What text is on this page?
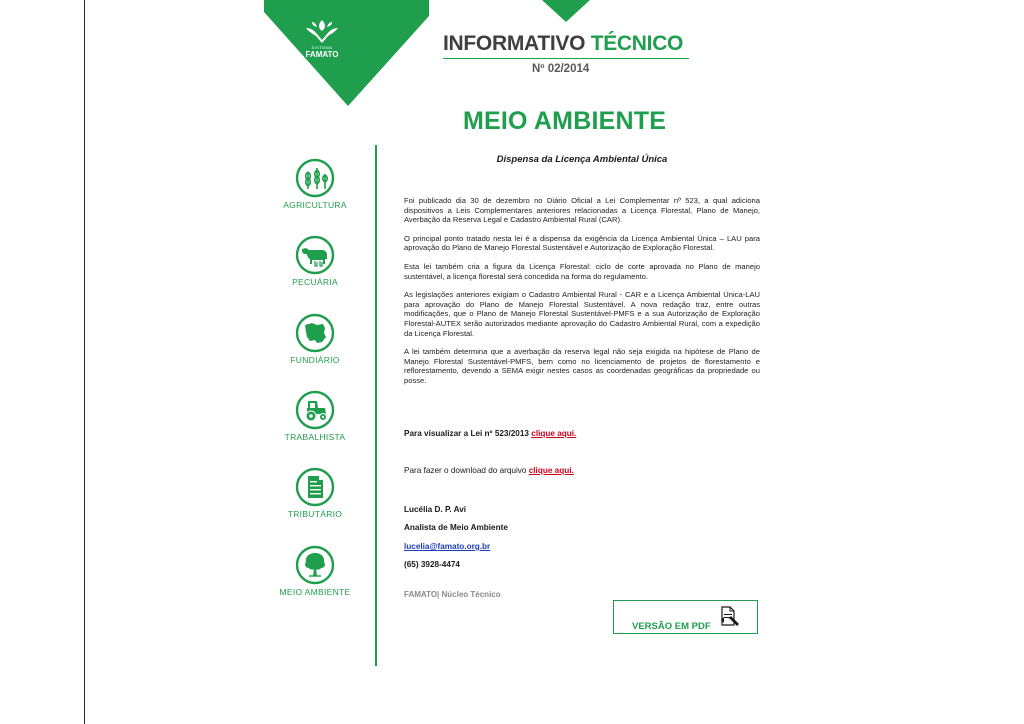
SISTEMA
FAMATO	INFORMATIVO TÉCNICO
Nº 02/2014
MEIO AMBIENTE
AGRICULTURA
PECUÁRIA
FUNDIÁRIO
TRABALHISTA
TRIBUTÁRIO
MEIO AMBIENTE
Dispensa da Licença Ambiental Única

Foi publicado dia 30 de dezembro no Diário Oficial a Lei Complementar nº 523, a qual adiciona dispositivos a Leis Complementares anteriores relacionadas a Licença Florestal, Plano de Manejo, Averbação da Reserva Legal e Cadastro Ambiental Rural (CAR).

O principal ponto tratado nesta lei é a dispensa da exigência da Licença Ambiental Única – LAU para aprovação do Plano de Manejo Florestal Sustentável e Autorização de Exploração Florestal.

Esta lei também cria a figura da Licença Florestal: ciclo de corte aprovada no Plano de manejo sustentável, a licença florestal será concedida na forma do regulamento.

As legislações anteriores exigiam o Cadastro Ambiental Rural - CAR e a Licença Ambiental Única-LAU para aprovação do Plano de Manejo Florestal Sustentável. A nova redação traz, entre outras modificações, que o Plano de Manejo Florestal Sustentável-PMFS e a sua Autorização de Exploração Florestal-AUTEX serão autorizados mediante aprovação do Cadastro Ambiental Rural, com a expedição da Licença Florestal.

A lei também determina que a averbação da reserva legal não seja exigida na hipótese de Plano de Manejo Florestal Sustentável-PMFS, bem como no licenciamento de projetos de florestamento e reflorestamento, devendo a SEMA exigir nestes casos as coordenadas geográficas da propriedade ou posse.

Para visualizar a Lei nº 523/2013 clique aqui.
Para fazer o download do arquivo clique aqui.
Lucélia D. P. Avi
Analista de Meio Ambiente
lucelia@famato.org.br
(65) 3928-4474
FAMATO| Núcleo Técnico
VERSÃO EM PDF
